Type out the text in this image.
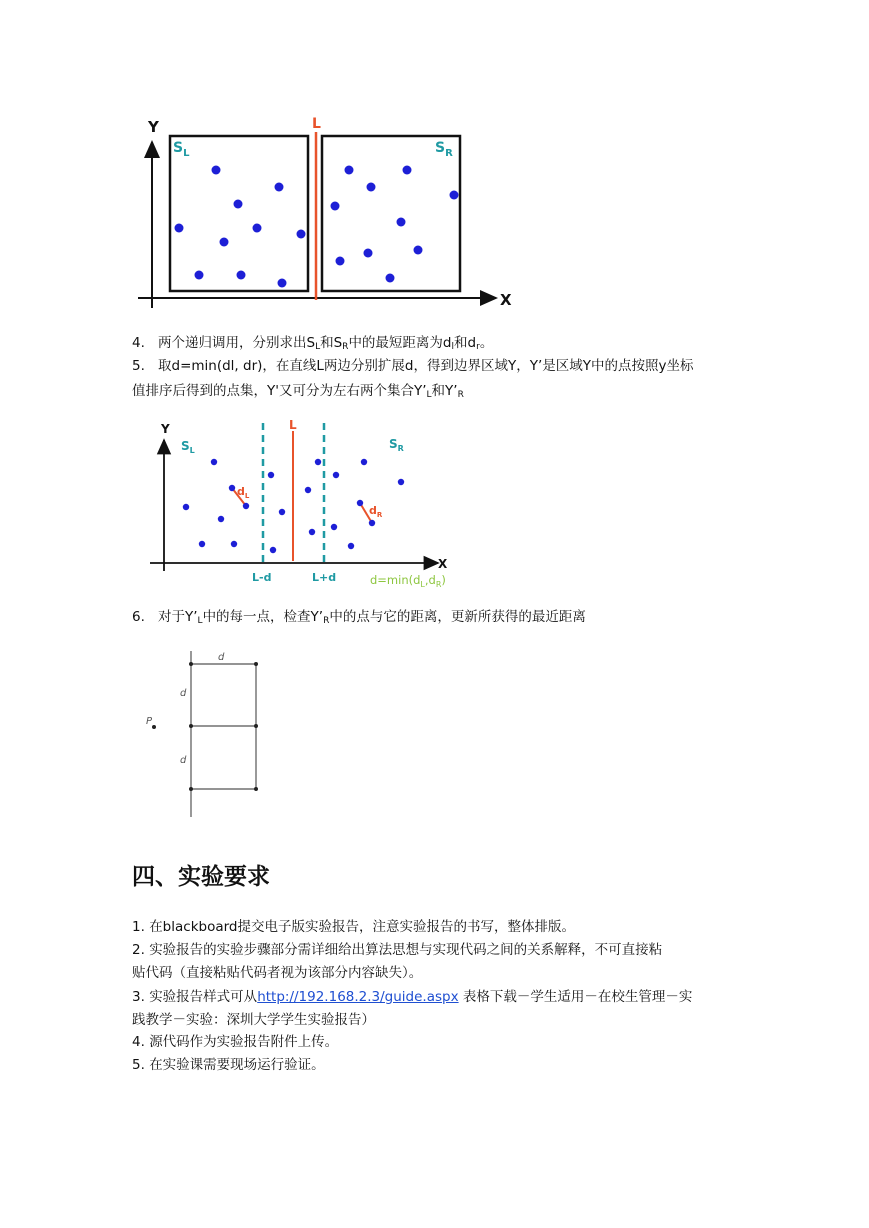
Y
X
L
$S_L$	$S_R$
4. 两个递归调用，分别求出$S_L$和$S_R$中的最短距离为$d_l$和$d_r$。
5. 取d=min(dl, dr)，在直线L两边分别扩展d，得到边界区域Y，Y’是区域Y中的点按照y坐标
值排序后得到的点集，Y'又可分为左右两个集合$Y’_L$和$Y’_R$
Y
X
L
$S_L$	$S_R$
$d_L$
$d_R$
L-d	L+d	$d=\min(d_L,d_R)$
6. 对于$Y’_L$中的每一点，检查$Y’_R$中的点与它的距离，更新所获得的最近距离
d
d
d
P
四、实验要求
1. 在blackboard提交电子版实验报告，注意实验报告的书写，整体排版。
2. 实验报告的实验步骤部分需详细给出算法思想与实现代码之间的关系解释，不可直接粘
贴代码（直接粘贴代码者视为该部分内容缺失）。
3. 实验报告样式可从http://192.168.2.3/guide.aspx 表格下载－学生适用－在校生管理－实
践教学－实验：深圳大学学生实验报告）
4. 源代码作为实验报告附件上传。
5. 在实验课需要现场运行验证。
